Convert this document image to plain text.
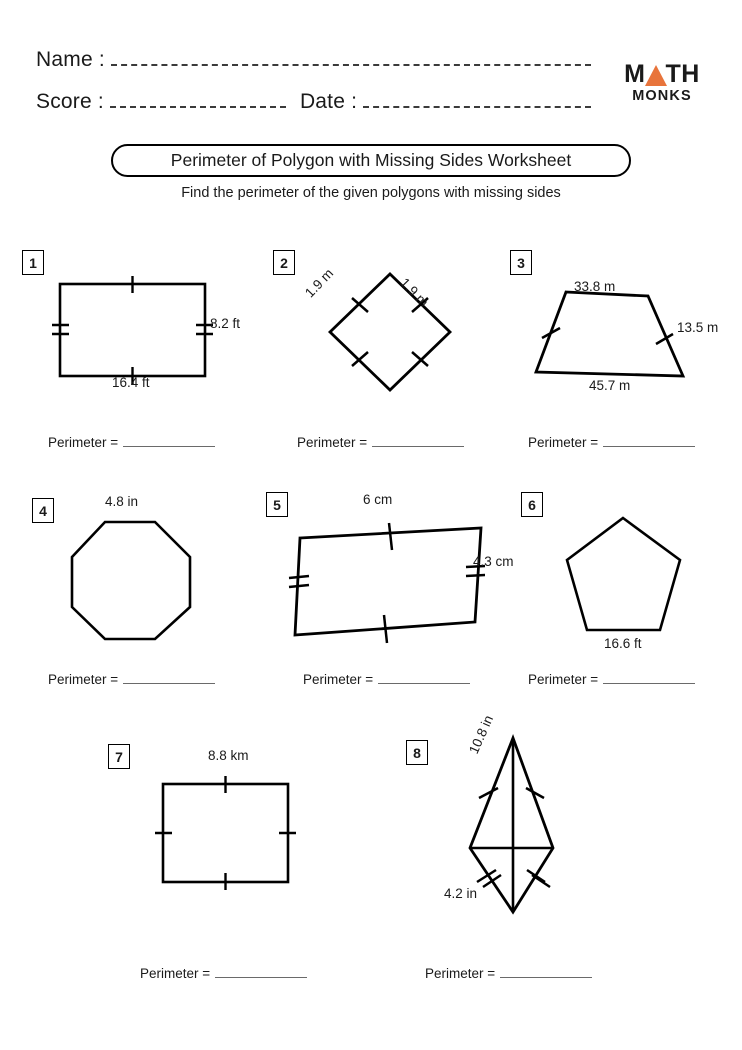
Name :
Score :	Date :
M TH
MONKS
Perimeter of Polygon with Missing Sides Worksheet
Find the perimeter of the given polygons with missing sides
1
8.2 ft
16.4 ft
Perimeter =
2
1.9 m	1.9 m
Perimeter =
3
33.8 m
13.5 m
45.7 m
Perimeter =
4
4.8 in
Perimeter =
5	6 cm
4.3 cm
Perimeter =
6
16.6 ft
Perimeter =
7	8.8 km
Perimeter =
8	10.8 in
4.2 in
Perimeter =
